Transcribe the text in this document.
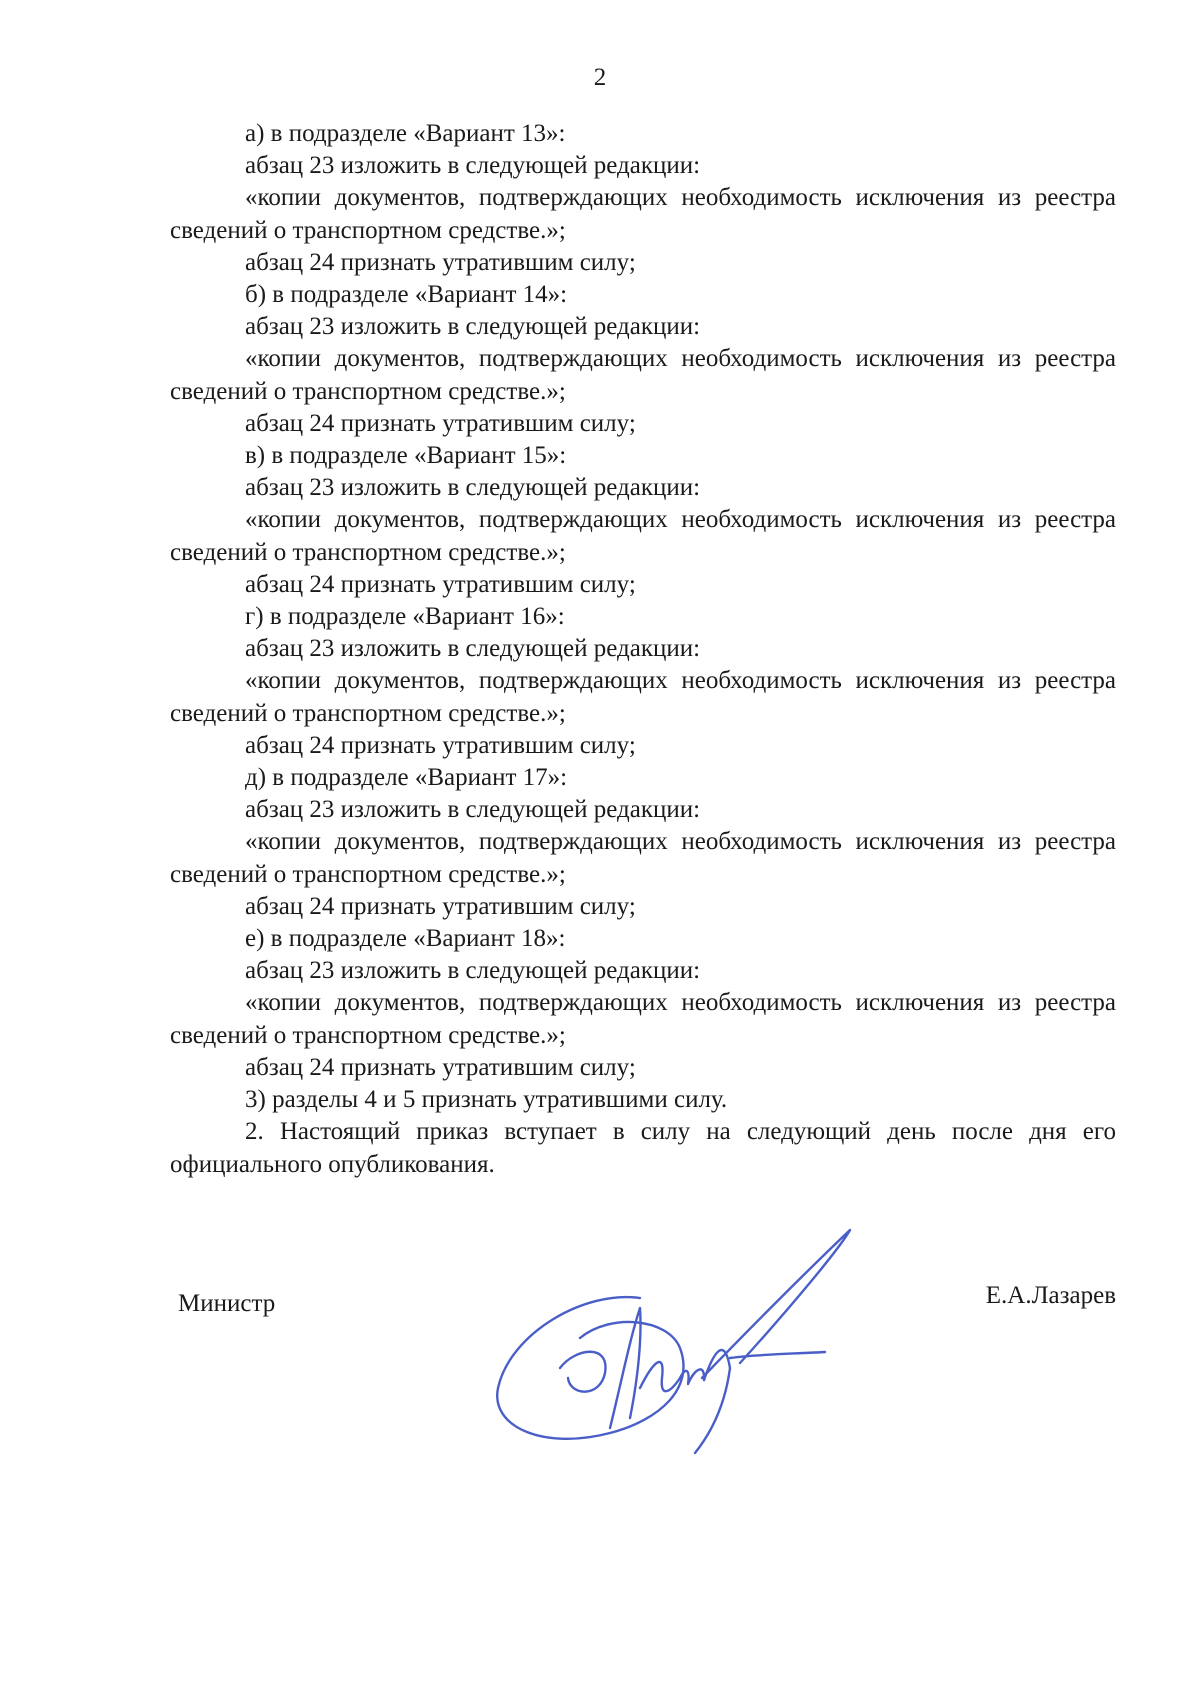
2

а) в подразделе «Вариант 13»:

абзац 23 изложить в следующей редакции:

«копии документов, подтверждающих необходимость исключения из реестра сведений о транспортном средстве.»;

абзац 24 признать утратившим силу;

б) в подразделе «Вариант 14»:

абзац 23 изложить в следующей редакции:

«копии документов, подтверждающих необходимость исключения из реестра сведений о транспортном средстве.»;

абзац 24 признать утратившим силу;

в) в подразделе «Вариант 15»:

абзац 23 изложить в следующей редакции:

«копии документов, подтверждающих необходимость исключения из реестра сведений о транспортном средстве.»;

абзац 24 признать утратившим силу;

г) в подразделе «Вариант 16»:

абзац 23 изложить в следующей редакции:

«копии документов, подтверждающих необходимость исключения из реестра сведений о транспортном средстве.»;

абзац 24 признать утратившим силу;

д) в подразделе «Вариант 17»:

абзац 23 изложить в следующей редакции:

«копии документов, подтверждающих необходимость исключения из реестра сведений о транспортном средстве.»;

абзац 24 признать утратившим силу;

е) в подразделе «Вариант 18»:

абзац 23 изложить в следующей редакции:

«копии документов, подтверждающих необходимость исключения из реестра сведений о транспортном средстве.»;

абзац 24 признать утратившим силу;

3) разделы 4 и 5 признать утратившими силу.

2. Настоящий приказ вступает в силу на следующий день после дня его официального опубликования.

Министр	Е.А.Лазарев
